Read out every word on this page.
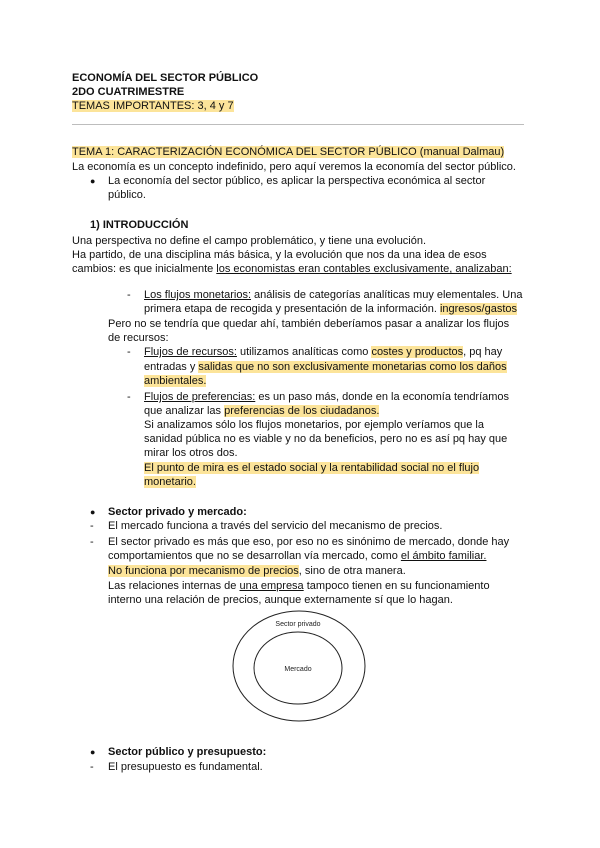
ECONOMÍA DEL SECTOR PÚBLICO
2DO CUATRIMESTRE
TEMAS IMPORTANTES: 3, 4 y 7
TEMA 1: CARACTERIZACIÓN ECONÓMICA DEL SECTOR PÚBLICO (manual Dalmau)
La economía es un concepto indefinido, pero aquí veremos la economía del sector público.
● La economía del sector público, es aplicar la perspectiva económica al sector
público.
1) INTRODUCCIÓN
Una perspectiva no define el campo problemático, y tiene una evolución.
Ha partido, de una disciplina más básica, y la evolución que nos da una idea de esos
cambios: es que inicialmente los economistas eran contables exclusivamente, analizaban:
- Los flujos monetarios: análisis de categorías analíticas muy elementales. Una
primera etapa de recogida y presentación de la información. ingresos/gastos
Pero no se tendría que quedar ahí, también deberíamos pasar a analizar los flujos
de recursos:
- Flujos de recursos: utilizamos analíticas como costes y productos, pq hay
entradas y salidas que no son exclusivamente monetarias como los daños
ambientales.
- Flujos de preferencias: es un paso más, donde en la economía tendríamos
que analizar las preferencias de los ciudadanos.
Si analizamos sólo los flujos monetarios, por ejemplo veríamos que la
sanidad pública no es viable y no da beneficios, pero no es así pq hay que
mirar los otros dos.
El punto de mira es el estado social y la rentabilidad social no el flujo
monetario.
● Sector privado y mercado:
- El mercado funciona a través del servicio del mecanismo de precios.
- El sector privado es más que eso, por eso no es sinónimo de mercado, donde hay
comportamientos que no se desarrollan vía mercado, como el ámbito familiar.
No funciona por mecanismo de precios, sino de otra manera.
Las relaciones internas de una empresa tampoco tienen en su funcionamiento
interno una relación de precios, aunque externamente sí que lo hagan.
Sector privado
Mercado
● Sector público y presupuesto:
- El presupuesto es fundamental.
